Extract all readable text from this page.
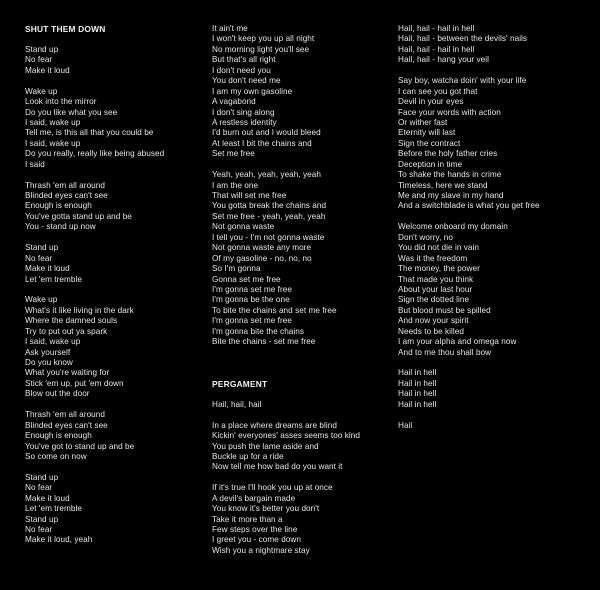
SHUT THEM DOWN
Stand up
No fear
Make it loud
Wake up
Look into the mirror
Do you like what you see
I said, wake up
Tell me, is this all that you could be
I said, wake up
Do you really, really like being abused
I said
Thrash 'em all around
Blinded eyes can't see
Enough is enough
You've gotta stand up and be
You - stand up now
Stand up
No fear
Make it loud
Let 'em tremble
Wake up
What's it like living in the dark
Where the damned souls
Try to put out ya spark
I said, wake up
Ask yourself
Do you know
What you're waiting for
Stick 'em up, put 'em down
Blow out the door
Thrash 'em all around
Blinded eyes can't see
Enough is enough
You've got to stand up and be
So come on now
Stand up
No fear
Make it loud
Let 'em tremble
Stand up
No fear
Make it loud, yeah
It ain't me
I won't keep you up all night
No morning light you'll see
But that's all right
I don't need you
You don't need me
I am my own gasoline
A vagabond
I don't sing along
A restless identity
I'd burn out and I would bleed
At least I bit the chains and
Set me free
Yeah, yeah, yeah, yeah, yeah
I am the one
That will set me free
You gotta break the chains and
Set me free - yeah, yeah, yeah
Not gonna waste
I tell you - I'm not gonna waste
Not gonna waste any more
Of my gasoline - no, no, no
So I'm gonna
Gonna set me free
I'm gonna set me free
I'm gonna be the one
To bite the chains and set me free
I'm gonna set me free
I'm gonna bite the chains
Bite the chains - set me free
PERGAMENT
Hail, hail, hail
In a place where dreams are blind
Kickin' everyones' asses seems too kind
You push the lame aside and
Buckle up for a ride
Now tell me how bad do you want it
If it's true I'll hook you up at once
A devil's bargain made
You know it's better you don't
Take it more than a
Few steps over the line
I greet you - come down
Wish you a nightmare stay
Hail, hail - hail in hell
Hail, hail - between the devils' nails
Hail, hail - hail in hell
Hail, hail - hang your veil
Say boy, watcha doin' with your life
I can see you got that
Devil in your eyes
Face your words with action
Or wither fast
Eternity will last
Sign the contract
Before the holy father cries
Deception in time
To shake the hands in crime
Timeless, here we stand
Me and my slave in my hand
And a switchblade is what you get free
Welcome onboard my domain
Don't worry, no
You did not die in vain
Was it the freedom
The money, the power
That made you think
About your last hour
Sign the dotted line
But blood must be spilled
And now your spirit
Needs to be killed
I am your alpha and omega now
And to me thou shall bow
Hail in hell
Hail in hell
Hail in hell
Hail in hell
Hail
